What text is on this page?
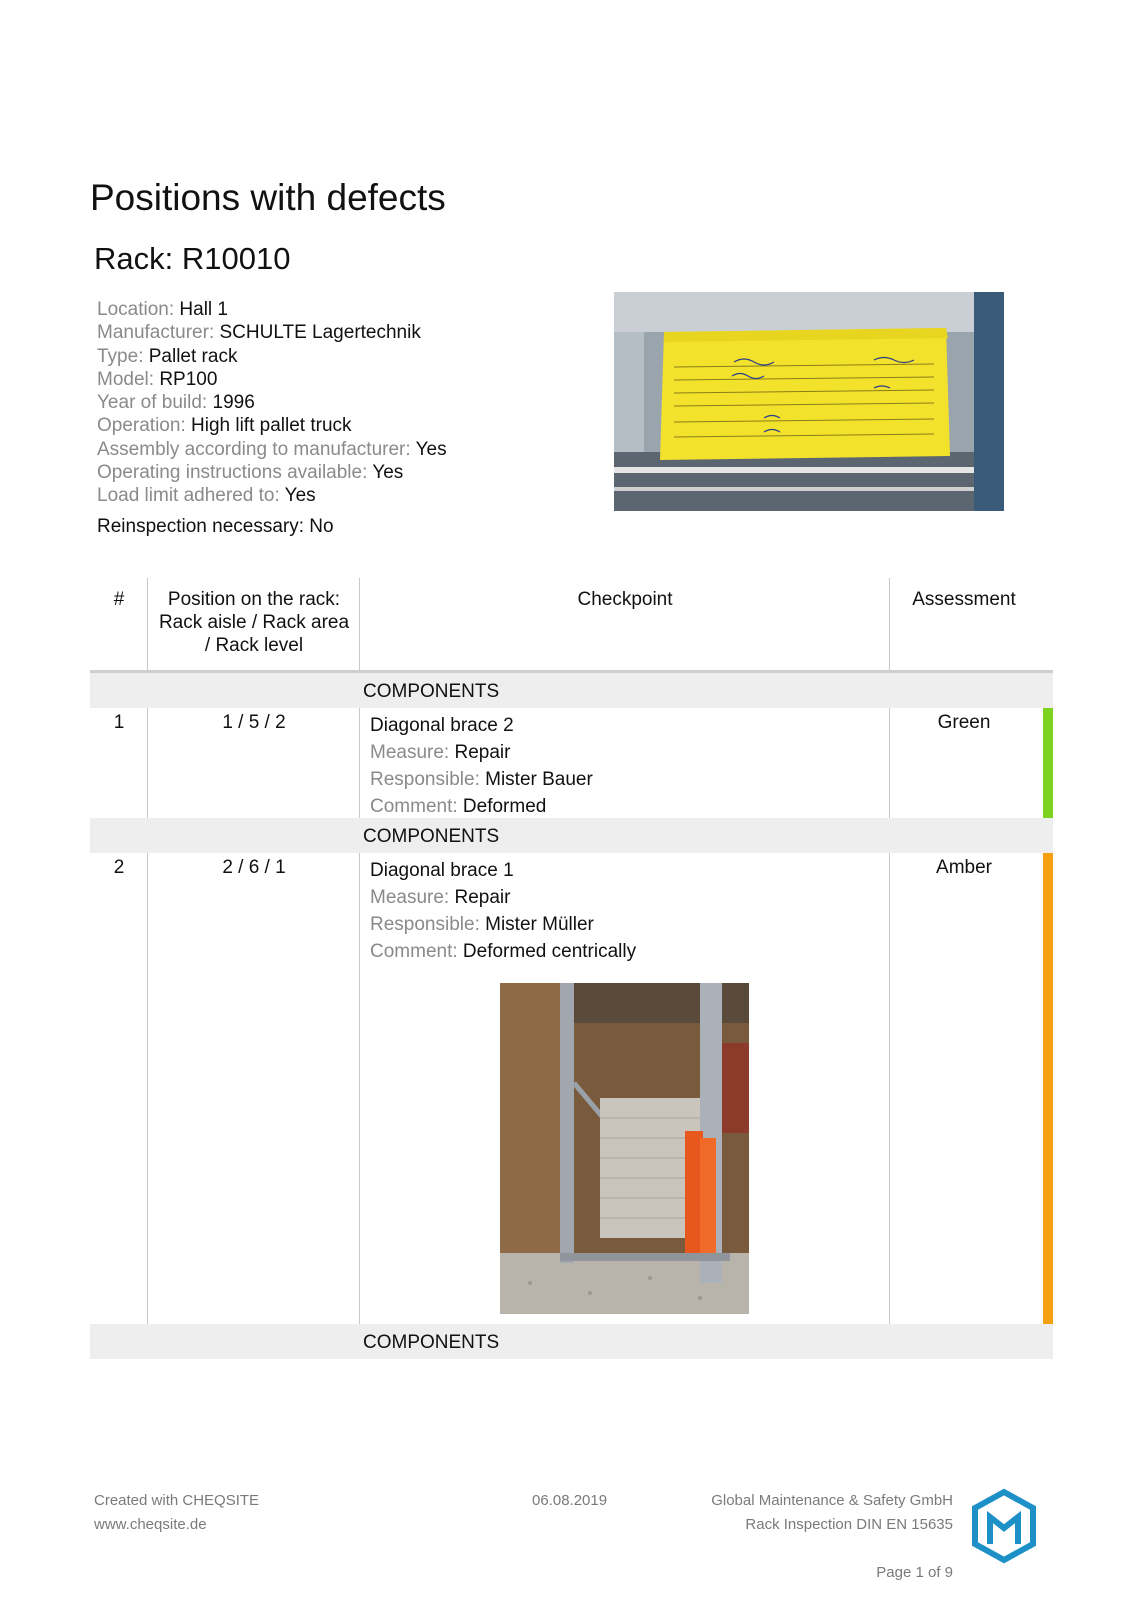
Positions with defects
Rack: R10010
Location: Hall 1
Manufacturer: SCHULTE Lagertechnik
Type: Pallet rack
Model: RP100
Year of build: 1996
Operation: High lift pallet truck
Assembly according to manufacturer: Yes
Operating instructions available: Yes
Load limit adhered to: Yes
Reinspection necessary: No
#	Position on the rack:
Rack aisle / Rack area
/ Rack level
Checkpoint	Assessment
COMPONENTS
1	1 / 5 / 2	Diagonal brace 2
Measure: Repair
Responsible: Mister Bauer
Comment: Deformed
Green
COMPONENTS
2	2 / 6 / 1	Diagonal brace 1
Measure: Repair
Responsible: Mister Müller
Comment: Deformed centrically
Amber
COMPONENTS
Created with CHEQSITE
www.cheqsite.de
06.08.2019	Global Maintenance & Safety GmbH
Rack Inspection DIN EN 15635
Page 1 of 9
